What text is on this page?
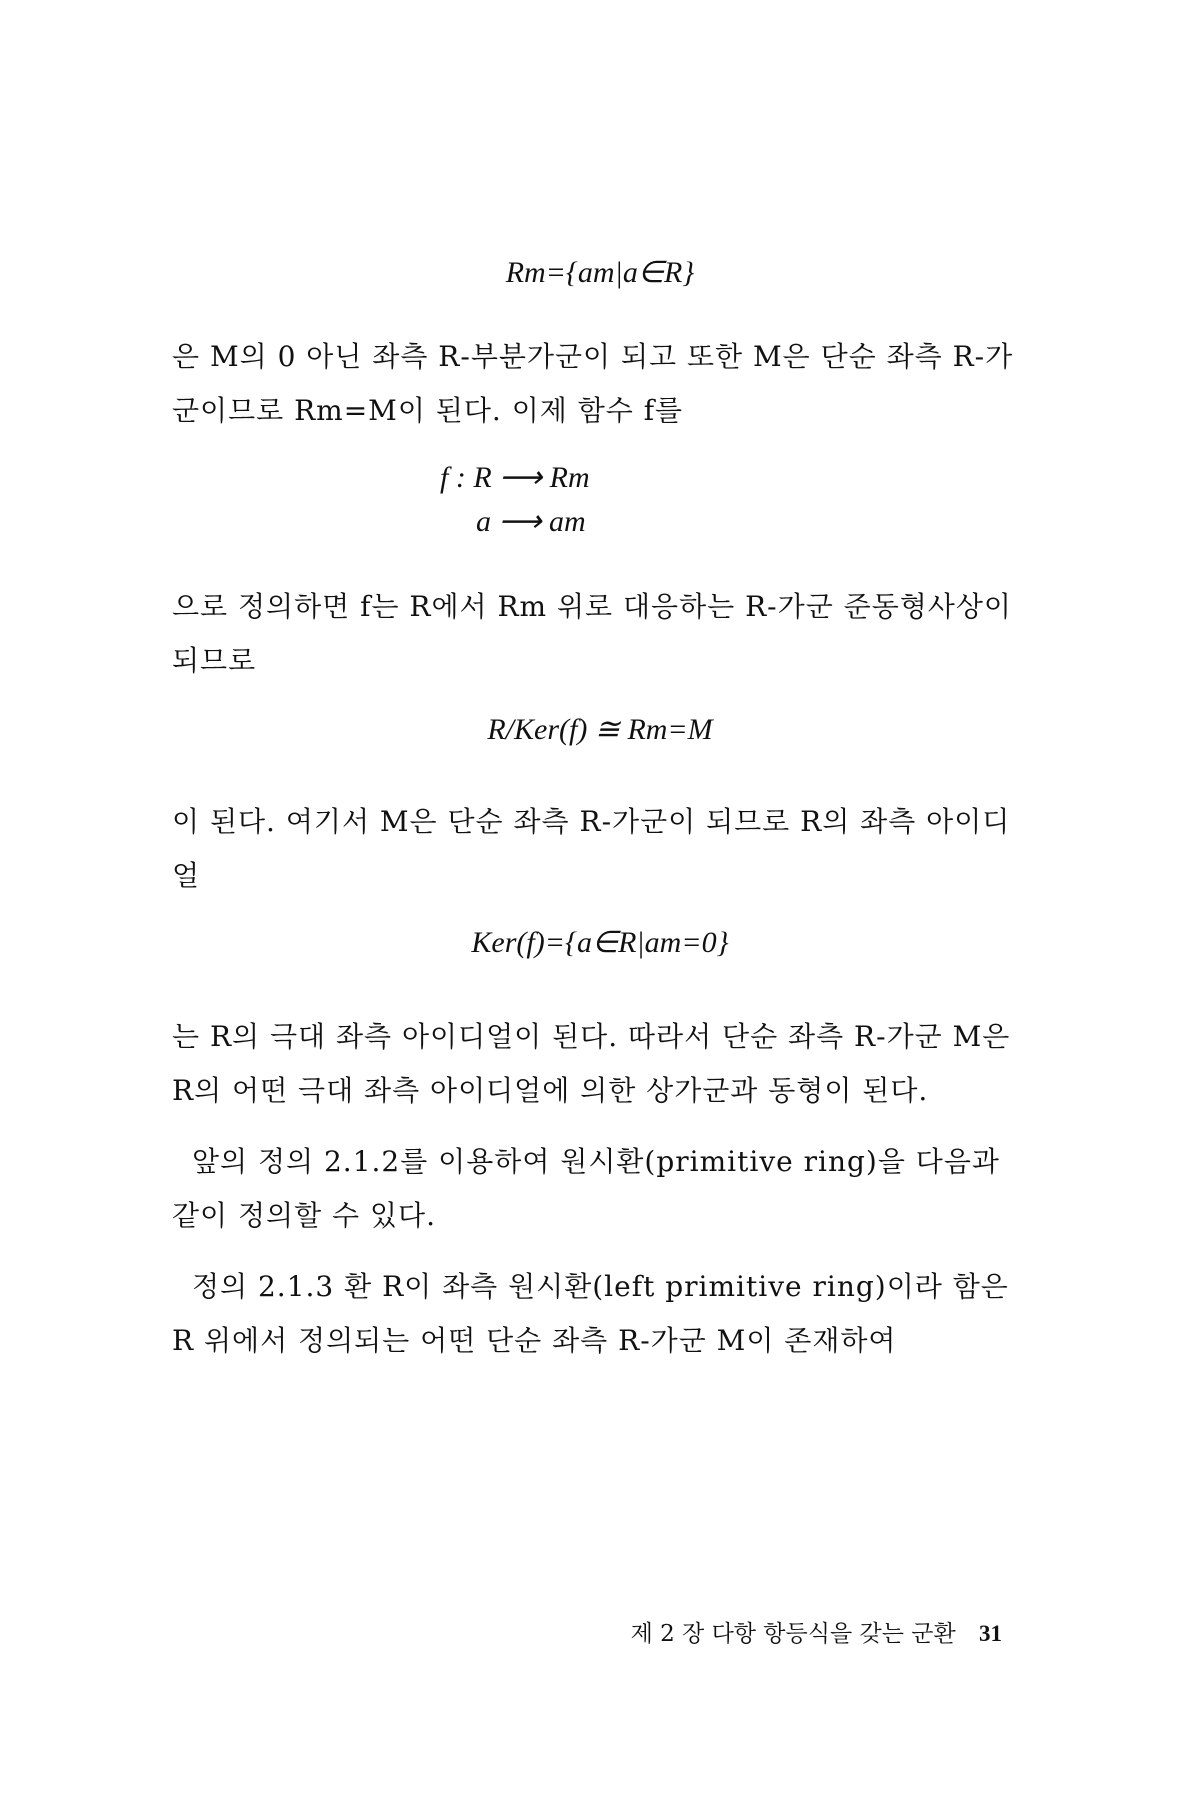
Rm={am|a∈R}
은 M의 0 아닌 좌측 R-부분가군이 되고 또한 M은 단순 좌측 R-가군이므로 Rm=M이 된다. 이제 함수 f를
f : R ⟶ Rm
a ⟶ am
으로 정의하면 f는 R에서 Rm 위로 대응하는 R-가군 준동형사상이 되므로
R/Ker(f) ≅ Rm=M
이 된다. 여기서 M은 단순 좌측 R-가군이 되므로 R의 좌측 아이디얼
Ker(f)={a∈R|am=0}
는 R의 극대 좌측 아이디얼이 된다. 따라서 단순 좌측 R-가군 M은 R의 어떤 극대 좌측 아이디얼에 의한 상가군과 동형이 된다.
앞의 정의 2.1.2를 이용하여 원시환(primitive ring)을 다음과 같이 정의할 수 있다.
정의 2.1.3 환 R이 좌측 원시환(left primitive ring)이라 함은 R 위에서 정의되는 어떤 단순 좌측 R-가군 M이 존재하여
제 2 장 다항 항등식을 갖는 군환 31
